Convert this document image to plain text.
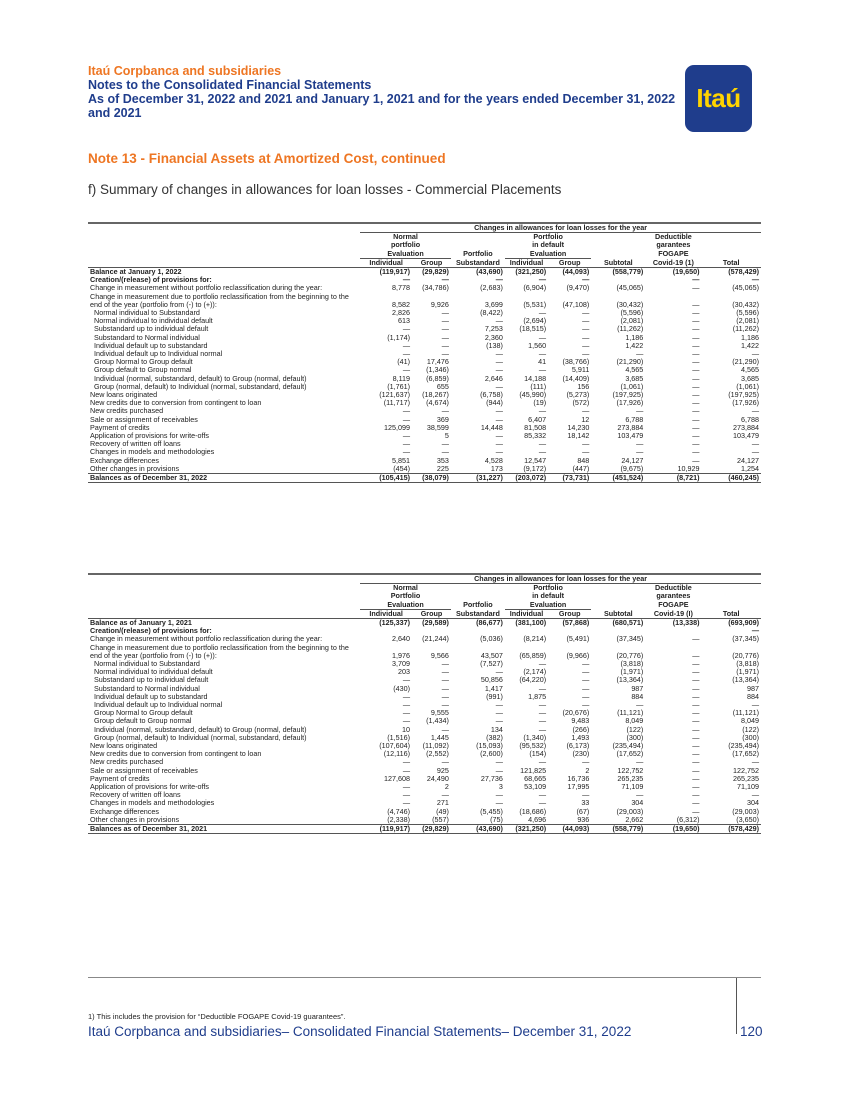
Itaú Corpbanca and subsidiaries
Notes to the Consolidated Financial Statements
As of December 31, 2022 and 2021 and January 1, 2021 and for the years ended December 31, 2022
and 2021	Itaú
Note 13 - Financial Assets at Amortized Cost, continued
f) Summary of changes in allowances for loan losses - Commercial Placements
	Changes in allowances for loan losses for the year							
	Normal			Portfolio			Deductible	
	portfolio			in default			garantees	
	Evaluation		Portfolio	Evaluation			FOGAPE	
	Individual	Group	Substandard	Individual	Group	Subtotal	Covid-19 (1)	Total
Balance at January 1, 2022	(119,917)	(29,829)	(43,690)	(321,250)	(44,093)	(558,779)	(19,650)	(578,429)
Creation/(release) of provisions for:	—	—	—	—	—		—	—
Change in measurement without portfolio reclassification during the year:	8,778	(34,786)	(2,683)	(6,904)	(9,470)	(45,065)	—	(45,065)
Change in measurement due to portfolio reclassification from the beginning to the end of the year (portfolio from (-) to (+)):	8,582	9,926	3,699	(5,531)	(47,108)	(30,432)	—	(30,432)
Normal individual to Substandard	2,826	—	(8,422)	—	—	(5,596)	—	(5,596)
Normal individual to individual default	613	—	—	(2,694)	—	(2,081)	—	(2,081)
Substandard up to individual default	—	—	7,253	(18,515)	—	(11,262)	—	(11,262)
Substandard to Normal individual	(1,174)	—	2,360	—	—	1,186	—	1,186
Individual default up to substandard	—	—	(138)	1,560	—	1,422	—	1,422
Individual default up to Individual normal	—	—	—	—	—	—	—	—
Group Normal to Group default	(41)	17,476	—	41	(38,766)	(21,290)	—	(21,290)
Group default to Group normal	—	(1,346)	—	—	5,911	4,565	—	4,565
Individual (normal, substandard, default) to Group (normal, default)	8,119	(6,859)	2,646	14,188	(14,409)	3,685	—	3,685
Group (normal, default) to Individual (normal, substandard, default)	(1,761)	655	—	(111)	156	(1,061)	—	(1,061)
New loans originated	(121,637)	(18,267)	(6,758)	(45,990)	(5,273)	(197,925)	—	(197,925)
New credits due to conversion from contingent to loan	(11,717)	(4,674)	(944)	(19)	(572)	(17,926)	—	(17,926)
New credits purchased	—	—	—	—	—	—	—	—
Sale or assignment of receivables	—	369	—	6,407	12	6,788	—	6,788
Payment of credits	125,099	38,599	14,448	81,508	14,230	273,884	—	273,884
Application of provisions for write-offs	—	5	—	85,332	18,142	103,479	—	103,479
Recovery of written off loans	—	—	—	—	—	—	—	—
Changes in models and methodologies	—	—	—	—	—	—	—	—
Exchange differences	5,851	353	4,528	12,547	848	24,127	—	24,127
Other changes in provisions	(454)	225	173	(9,172)	(447)	(9,675)	10,929	1,254
Balances as of December 31, 2022	(105,415)	(38,079)	(31,227)	(203,072)	(73,731)	(451,524)	(8,721)	(460,245)
	Changes in allowances for loan losses for the year							
	Normal			Portfolio			Deductible	
	Portfolio			in default			garantees	
	Evaluation		Portfolio	Evaluation			FOGAPE	
	Individual	Group	Substandard	Individual	Group	Subtotal	Covid-19 (I)	Total
Balance as of January 1, 2021	(125,337)	(29,589)	(86,677)	(381,100)	(57,868)	(680,571)	(13,338)	(693,909)
Creation/(release) of provisions for:								—
Change in measurement without portfolio reclassification during the year:	2,640	(21,244)	(5,036)	(8,214)	(5,491)	(37,345)	—	(37,345)
Change in measurement due to portfolio reclassification from the beginning to the end of the year (portfolio from (-) to (+)):	1,976	9,566	43,507	(65,859)	(9,966)	(20,776)	—	(20,776)
Normal individual to Substandard	3,709	—	(7,527)	—	—	(3,818)	—	(3,818)
Normal individual to individual default	203	—	—	(2,174)	—	(1,971)	—	(1,971)
Substandard up to individual default	—	—	50,856	(64,220)	—	(13,364)	—	(13,364)
Substandard to Normal individual	(430)	—	1,417	—	—	987	—	987
Individual default up to substandard	—	—	(991)	1,875	—	884	—	884
Individual default up to Individual normal	—	—	—	—	—	—	—	—
Group Normal to Group default	—	9,555	—	—	(20,676)	(11,121)	—	(11,121)
Group default to Group normal	—	(1,434)	—	—	9,483	8,049	—	8,049
Individual (normal, substandard, default) to Group (normal, default)	10	—	134	—	(266)	(122)	—	(122)
Group (normal, default) to Individual (normal, substandard, default)	(1,516)	1,445	(382)	(1,340)	1,493	(300)	—	(300)
New loans originated	(107,604)	(11,092)	(15,093)	(95,532)	(6,173)	(235,494)	—	(235,494)
New credits due to conversion from contingent to loan	(12,116)	(2,552)	(2,600)	(154)	(230)	(17,652)	—	(17,652)
New credits purchased	—	—	—	—	—	—	—	—
Sale or assignment of receivables	—	925	—	121,825	2	122,752	—	122,752
Payment of credits	127,608	24,490	27,736	68,665	16,736	265,235	—	265,235
Application of provisions for write-offs	—	2	3	53,109	17,995	71,109	—	71,109
Recovery of written off loans	—	—	—	—	—	—	—	—
Changes in models and methodologies	—	271	—	—	33	304	—	304
Exchange differences	(4,746)	(49)	(5,455)	(18,686)	(67)	(29,003)	—	(29,003)
Other changes in provisions	(2,338)	(557)	(75)	4,696	936	2,662	(6,312)	(3,650)
Balances as of December 31, 2021	(119,917)	(29,829)	(43,690)	(321,250)	(44,093)	(558,779)	(19,650)	(578,429)
1) This includes the provision for “Deductible FOGAPE Covid-19 guarantees”.
Itaú Corpbanca and subsidiaries– Consolidated Financial Statements– December 31, 2022	120
